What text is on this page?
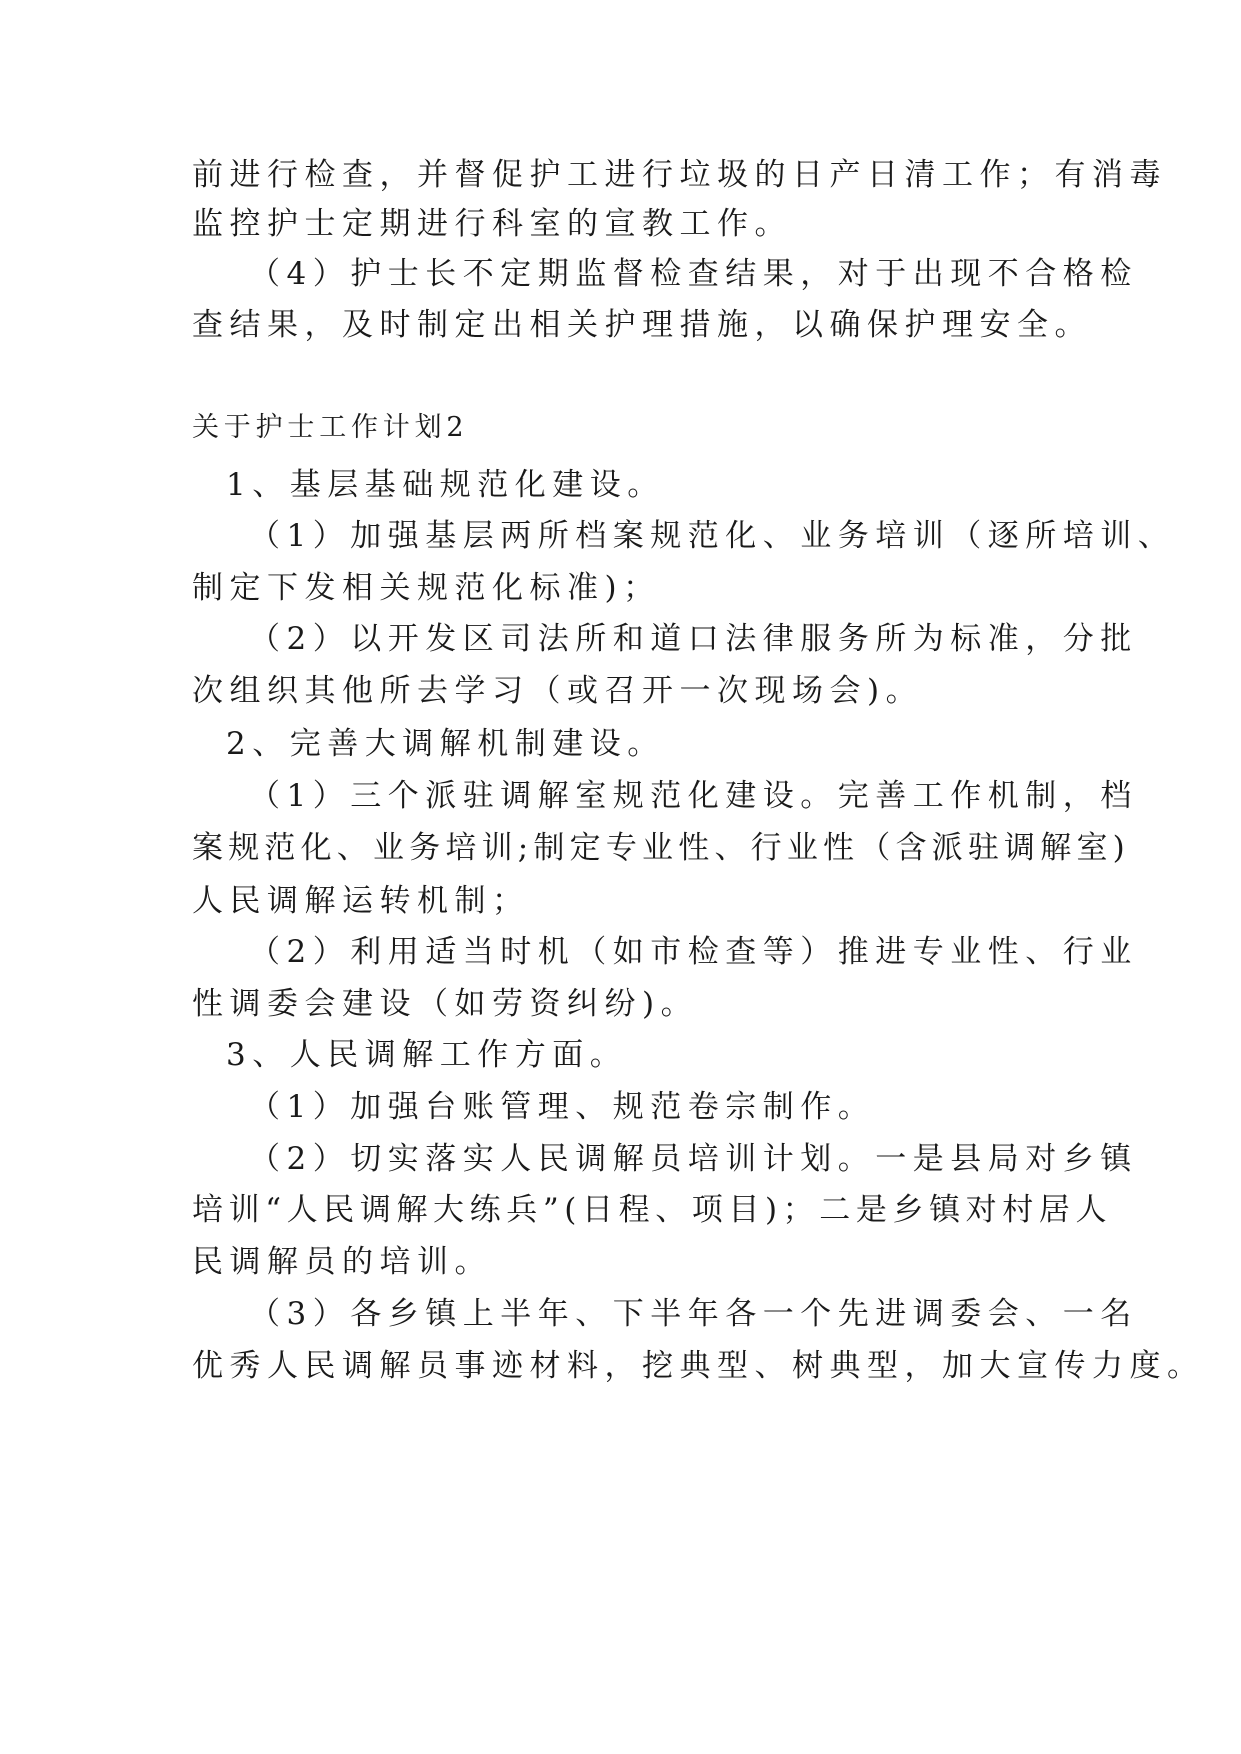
前进行检查，并督促护工进行垃圾的日产日清工作；有消毒
监控护士定期进行科室的宣教工作。
（4）护士长不定期监督检查结果，对于出现不合格检
查结果，及时制定出相关护理措施，以确保护理安全。
关于护士工作计划2
1、基层基础规范化建设。
（1）加强基层两所档案规范化、业务培训（逐所培训、
制定下发相关规范化标准)；
（2）以开发区司法所和道口法律服务所为标准，分批
次组织其他所去学习（或召开一次现场会)。
2、完善大调解机制建设。
（1）三个派驻调解室规范化建设。完善工作机制，档
案规范化、业务培训;制定专业性、行业性（含派驻调解室)
人民调解运转机制；
（2）利用适当时机（如市检查等）推进专业性、行业
性调委会建设（如劳资纠纷)。
3、人民调解工作方面。
（1）加强台账管理、规范卷宗制作。
（2）切实落实人民调解员培训计划。一是县局对乡镇
培训“人民调解大练兵”(日程、项目)；二是乡镇对村居人
民调解员的培训。
（3）各乡镇上半年、下半年各一个先进调委会、一名
优秀人民调解员事迹材料，挖典型、树典型，加大宣传力度。
